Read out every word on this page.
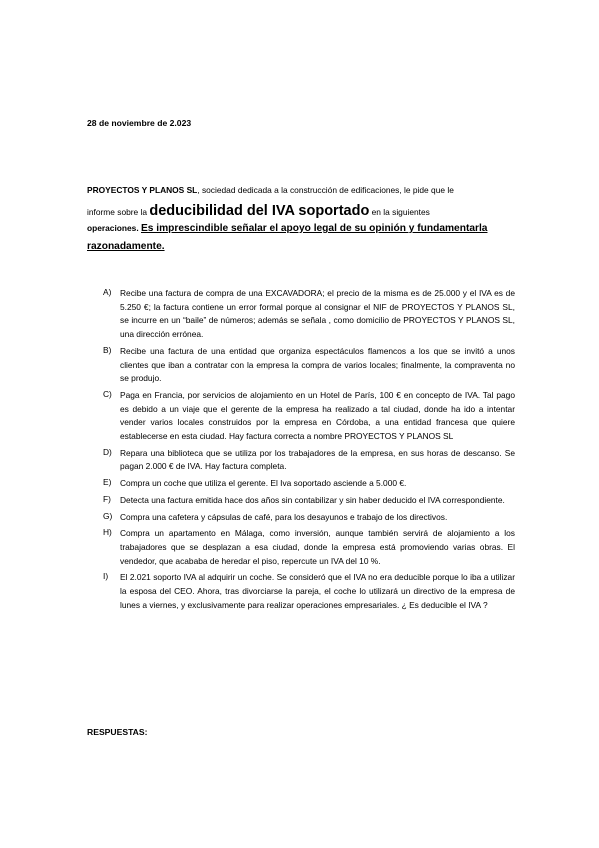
28 de noviembre de 2.023
PROYECTOS Y PLANOS SL, sociedad dedicada a la construcción de edificaciones, le pide que le
informe sobre la deducibilidad del IVA soportado en la siguientes
operaciones. Es imprescindible señalar el apoyo legal de su opinión y fundamentarla
razonadamente.
A) Recibe una factura de compra de una EXCAVADORA; el precio de la misma es de 25.000 y el IVA es de 5.250 €; la factura contiene un error formal porque al consignar el NIF de PROYECTOS Y PLANOS SL, se incurre en un “baile” de números; además se señala , como domicilio de PROYECTOS Y PLANOS SL, una dirección errónea.
B) Recibe una factura de una entidad que organiza espectáculos flamencos a los que se invitó a unos clientes que iban a contratar con la empresa la compra de varios locales; finalmente, la compraventa no se produjo.
C) Paga en Francia, por servicios de alojamiento en un Hotel de París, 100 € en concepto de IVA. Tal pago es debido a un viaje que el gerente de la empresa ha realizado a tal ciudad, donde ha ido a intentar vender varios locales construidos por la empresa en Córdoba, a una entidad francesa que quiere establecerse en esta ciudad. Hay factura correcta a nombre PROYECTOS Y PLANOS SL
D) Repara una biblioteca que se utiliza por los trabajadores de la empresa, en sus horas de descanso. Se pagan 2.000 € de IVA. Hay factura completa.
E) Compra un coche que utiliza el gerente. El Iva soportado asciende a 5.000 €.
F) Detecta una factura emitida hace dos años sin contabilizar y sin haber deducido el IVA correspondiente.
G) Compra una cafetera y cápsulas de café, para los desayunos e trabajo de los directivos.
H) Compra un apartamento en Málaga, como inversión, aunque también servirá de alojamiento a los trabajadores que se desplazan a esa ciudad, donde la empresa está promoviendo varias obras. El vendedor, que acababa de heredar el piso, repercute un IVA del 10 %.
I) El 2.021 soporto IVA al adquirir un coche. Se consideró que el IVA no era deducible porque lo iba a utilizar la esposa del CEO. Ahora, tras divorciarse la pareja, el coche lo utilizará un directivo de la empresa de lunes a viernes, y exclusivamente para realizar operaciones empresariales. ¿ Es deducible el IVA ?
RESPUESTAS:
